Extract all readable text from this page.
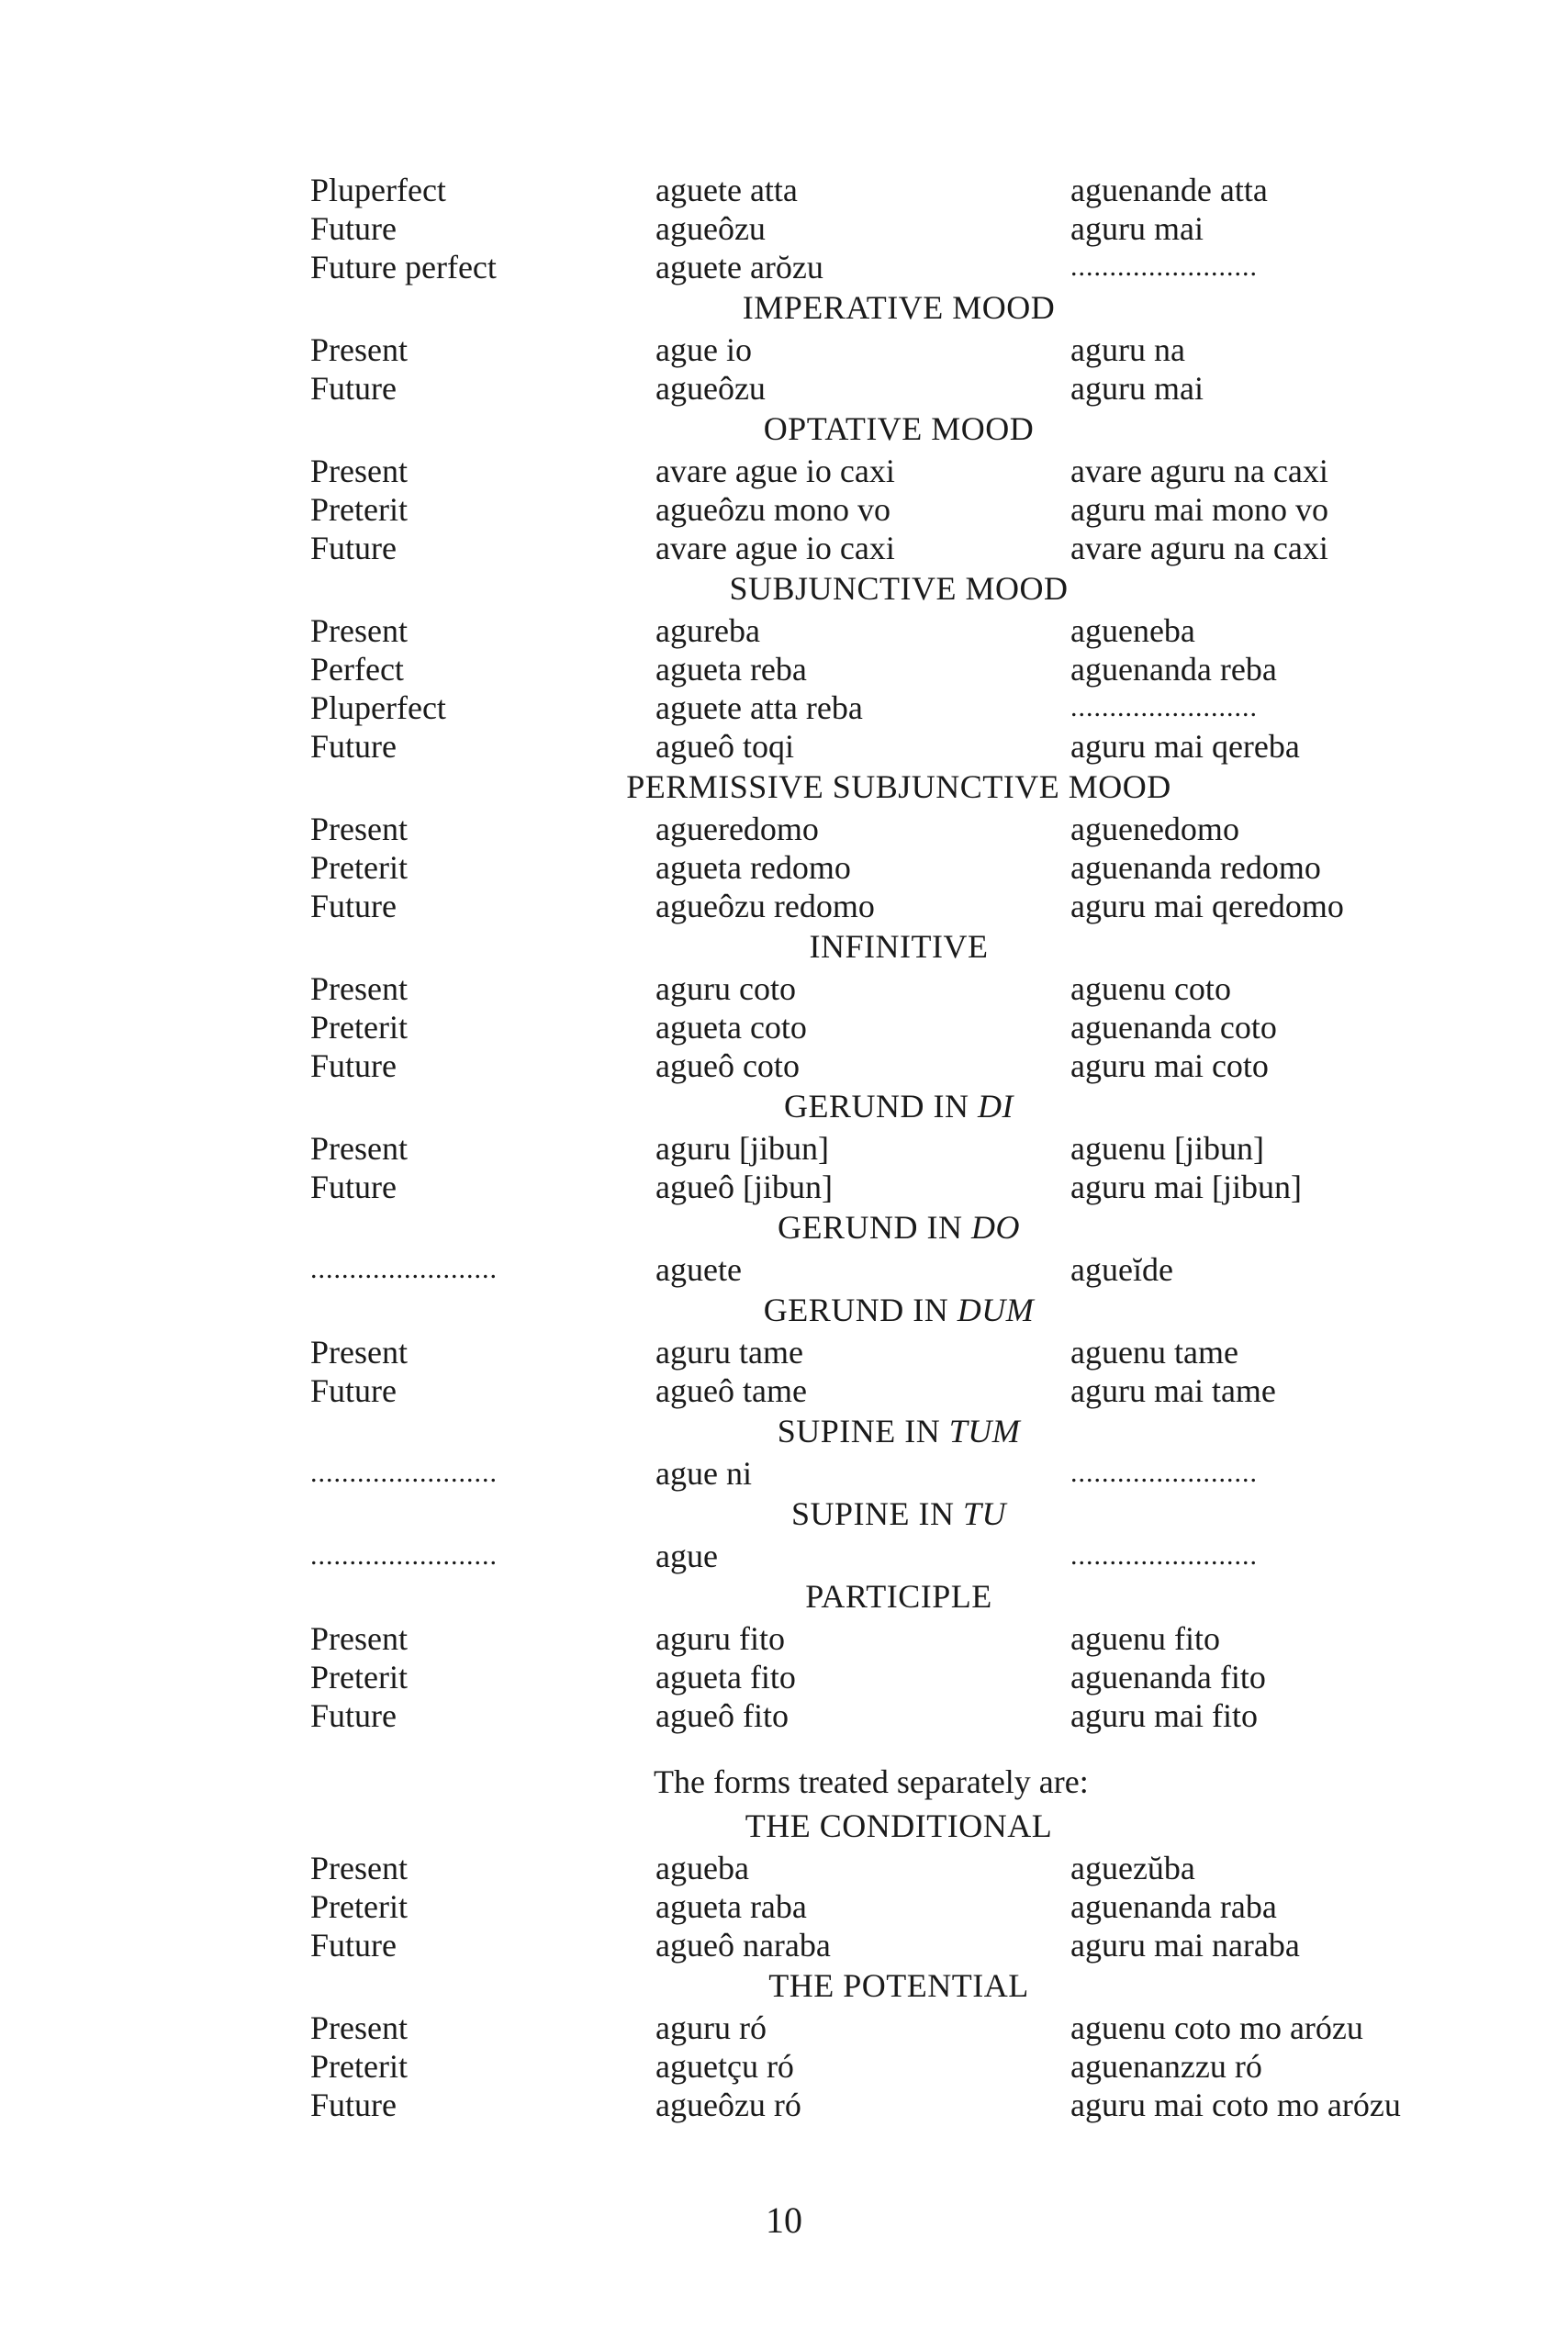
Pluperfect	aguete atta	aguenande atta
Future	agueôzu	aguru mai
Future perfect	aguete arŏzu	........................
IMPERATIVE MOOD
Present	ague io	aguru na
Future	agueôzu	aguru mai
OPTATIVE MOOD
Present	avare ague io caxi	avare aguru na caxi
Preterit	agueôzu mono vo	aguru mai mono vo
Future	avare ague io caxi	avare aguru na caxi
SUBJUNCTIVE MOOD
Present	agureba	agueneba
Perfect	agueta reba	aguenanda reba
Pluperfect	aguete atta reba	........................
Future	agueô toqi	aguru mai qereba
PERMISSIVE SUBJUNCTIVE MOOD
Present	agueredomo	aguenedomo
Preterit	agueta redomo	aguenanda redomo
Future	agueôzu redomo	aguru mai qeredomo
INFINITIVE
Present	aguru coto	aguenu coto
Preterit	agueta coto	aguenanda coto
Future	agueô coto	aguru mai coto
GERUND IN DI
Present	aguru [jibun]	aguenu [jibun]
Future	agueô [jibun]	aguru mai [jibun]
GERUND IN DO
........................	aguete	agueĭde
GERUND IN DUM
Present	aguru tame	aguenu tame
Future	agueô tame	aguru mai tame
SUPINE IN TUM
........................	ague ni	........................
SUPINE IN TU
........................	ague	........................
PARTICIPLE
Present	aguru fito	aguenu fito
Preterit	agueta fito	aguenanda fito
Future	agueô fito	aguru mai fito
The forms treated separately are:
THE CONDITIONAL
Present	agueba	aguezŭba
Preterit	agueta raba	aguenanda raba
Future	agueô naraba	aguru mai naraba
THE POTENTIAL
Present	aguru ró	aguenu coto mo arózu
Preterit	aguetçu ró	aguenanzzu ró
Future	agueôzu ró	aguru mai coto mo arózu
10
